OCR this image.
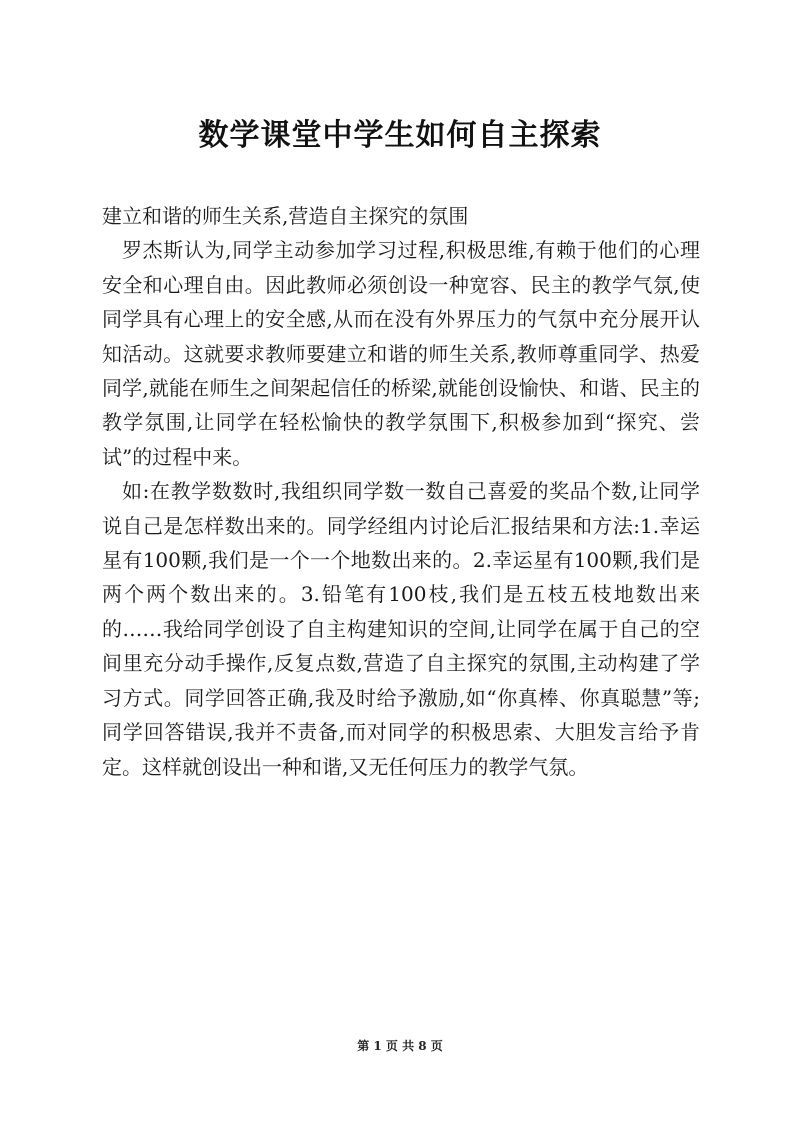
数学课堂中学生如何自主探索

建立和谐的师生关系,营造自主探究的氛围

罗杰斯认为,同学主动参加学习过程,积极思维,有赖于他们的心理安全和心理自由。因此教师必须创设一种宽容、民主的教学气氛,使同学具有心理上的安全感,从而在没有外界压力的气氛中充分展开认知活动。这就要求教师要建立和谐的师生关系,教师尊重同学、热爱同学,就能在师生之间架起信任的桥梁,就能创设愉快、和谐、民主的教学氛围,让同学在轻松愉快的教学氛围下,积极参加到“探究、尝试”的过程中来。

如:在教学数数时,我组织同学数一数自己喜爱的奖品个数,让同学说自己是怎样数出来的。同学经组内讨论后汇报结果和方法:1.幸运星有100颗,我们是一个一个地数出来的。2.幸运星有100颗,我们是两个两个数出来的。3.铅笔有100枝,我们是五枝五枝地数出来的……我给同学创设了自主构建知识的空间,让同学在属于自己的空间里充分动手操作,反复点数,营造了自主探究的氛围,主动构建了学习方式。同学回答正确,我及时给予激励,如“你真棒、你真聪慧”等;同学回答错误,我并不责备,而对同学的积极思索、大胆发言给予肯定。这样就创设出一种和谐,又无任何压力的教学气氛。

第 1 页 共 8 页
